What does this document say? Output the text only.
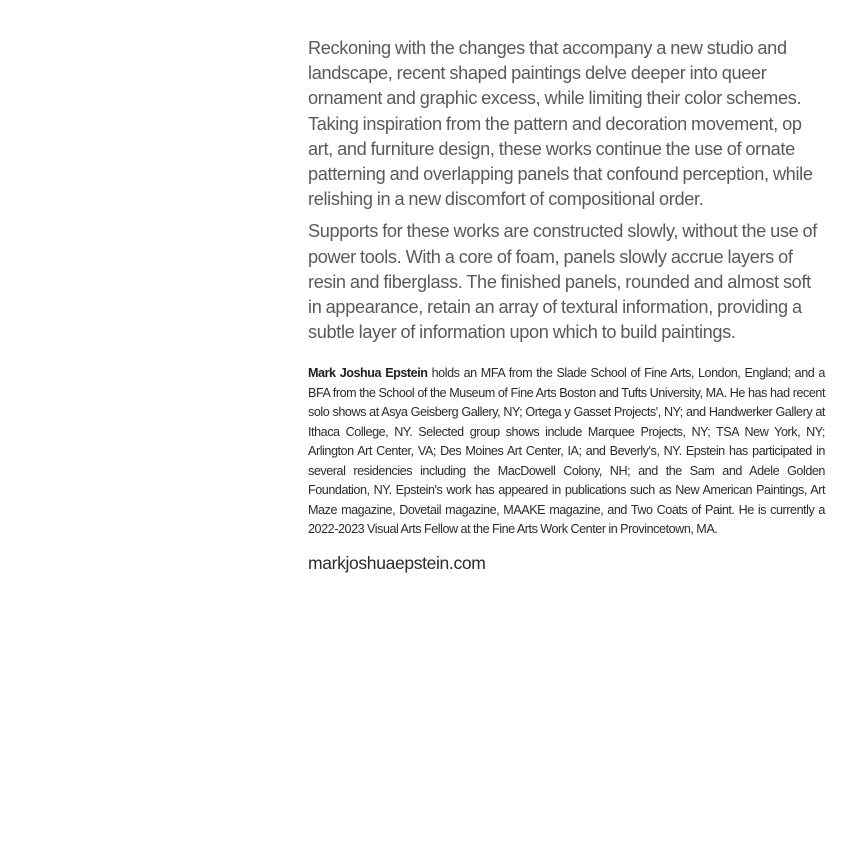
Reckoning with the changes that accompany a new studio and landscape, recent shaped paintings delve deeper into queer ornament and graphic excess, while limiting their color schemes. Taking inspiration from the pattern and decoration movement, op art, and furniture design, these works continue the use of ornate patterning and overlapping panels that confound perception, while relishing in a new discomfort of compositional order.

Supports for these works are constructed slowly, without the use of power tools. With a core of foam, panels slowly accrue layers of resin and fiberglass. The finished panels, rounded and almost soft in appearance, retain an array of textural information, providing a subtle layer of information upon which to build paintings.

Mark Joshua Epstein holds an MFA from the Slade School of Fine Arts, London, England; and a BFA from the School of the Museum of Fine Arts Boston and Tufts University, MA. He has had recent solo shows at Asya Geisberg Gallery, NY; Ortega y Gasset Projects', NY; and Handwerker Gallery at Ithaca College, NY. Selected group shows include Marquee Projects, NY; TSA New York, NY; Arlington Art Center, VA; Des Moines Art Center, IA; and Beverly's, NY. Epstein has participated in several residencies including the MacDowell Colony, NH; and the Sam and Adele Golden Foundation, NY. Epstein's work has appeared in publications such as New American Paintings, Art Maze magazine, Dovetail magazine, MAAKE magazine, and Two Coats of Paint. He is currently a 2022-2023 Visual Arts Fellow at the Fine Arts Work Center in Provincetown, MA.
markjoshuaepstein.com
